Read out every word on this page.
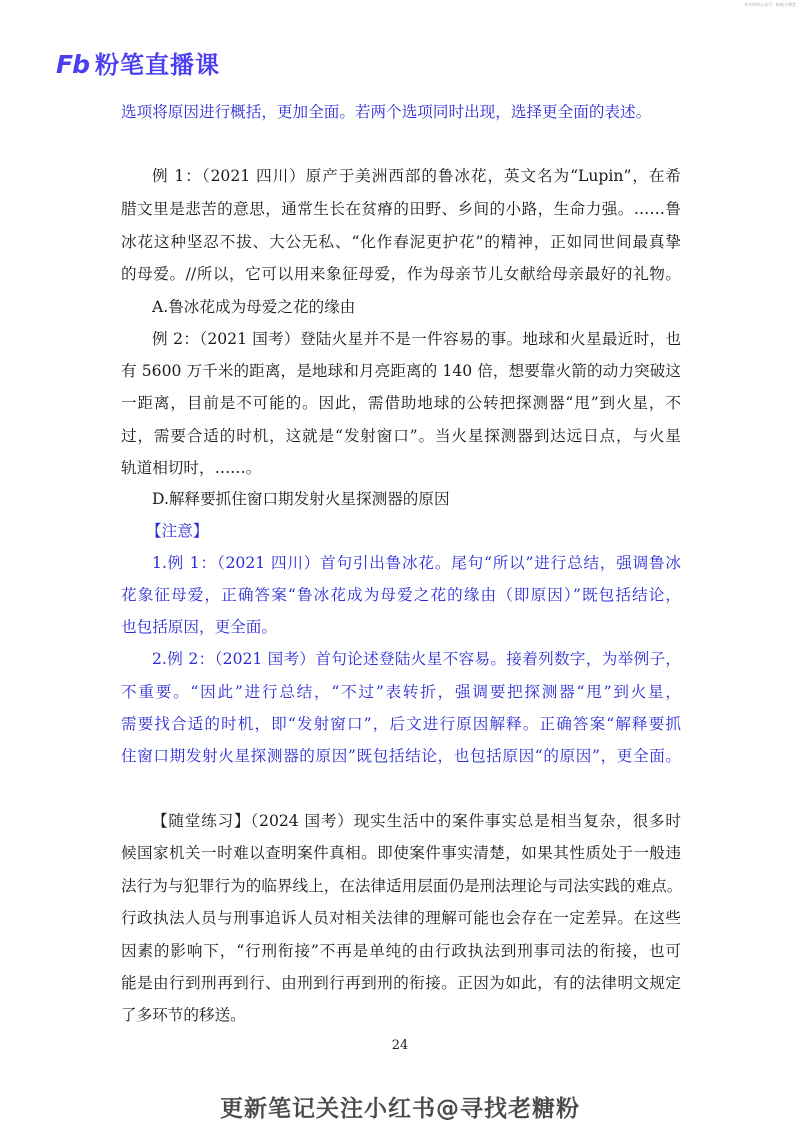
更多资料公众号 · 粉笔小课堂
Fb 粉笔直播课
选项将原因进行概括，更加全面。若两个选项同时出现，选择更全面的表述。
例 1：（2021 四川）原产于美洲西部的鲁冰花，英文名为“Lupin”，在希
腊文里是悲苦的意思，通常生长在贫瘠的田野、乡间的小路，生命力强。……鲁
冰花这种坚忍不拔、大公无私、“化作春泥更护花”的精神，正如同世间最真挚
的母爱。//所以，它可以用来象征母爱，作为母亲节儿女献给母亲最好的礼物。
A.鲁冰花成为母爱之花的缘由
例 2：（2021 国考）登陆火星并不是一件容易的事。地球和火星最近时，也
有 5600 万千米的距离，是地球和月亮距离的 140 倍，想要靠火箭的动力突破这
一距离，目前是不可能的。因此，需借助地球的公转把探测器“甩”到火星，不
过，需要合适的时机，这就是“发射窗口”。当火星探测器到达远日点，与火星
轨道相切时，……。
D.解释要抓住窗口期发射火星探测器的原因
【注意】
1.例 1：（2021 四川）首句引出鲁冰花。尾句“所以”进行总结，强调鲁冰
花象征母爱，正确答案“鲁冰花成为母爱之花的缘由（即原因）”既包括结论，
也包括原因，更全面。
2.例 2：（2021 国考）首句论述登陆火星不容易。接着列数字，为举例子，
不重要。“因此”进行总结，“不过”表转折，强调要把探测器“甩”到火星，
需要找合适的时机，即“发射窗口”，后文进行原因解释。正确答案“解释要抓
住窗口期发射火星探测器的原因”既包括结论，也包括原因“的原因”，更全面。
【随堂练习】（2024 国考）现实生活中的案件事实总是相当复杂，很多时
候国家机关一时难以查明案件真相。即使案件事实清楚，如果其性质处于一般违
法行为与犯罪行为的临界线上，在法律适用层面仍是刑法理论与司法实践的难点。
行政执法人员与刑事追诉人员对相关法律的理解可能也会存在一定差异。在这些
因素的影响下，“行刑衔接”不再是单纯的由行政执法到刑事司法的衔接，也可
能是由行到刑再到行、由刑到行再到刑的衔接。正因为如此，有的法律明文规定
了多环节的移送。
24
更新笔记关注小红书@寻找老糖粉
